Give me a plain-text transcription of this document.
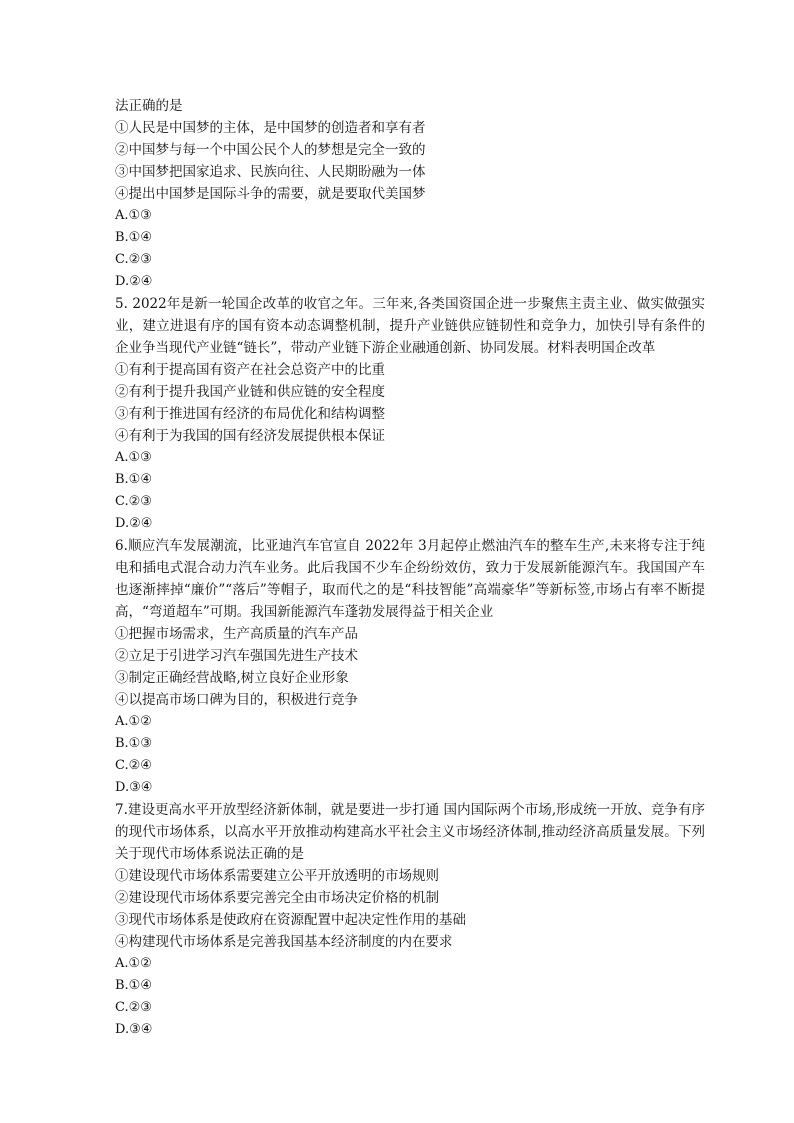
法正确的是
①人民是中国梦的主体，是中国梦的创造者和享有者
②中国梦与每一个中国公民个人的梦想是完全一致的
③中国梦把国家追求、民族向往、人民期盼融为一体
④提出中国梦是国际斗争的需要，就是要取代美国梦
A.①③
B.①④
C.②③
D.②④
5. 2022年是新一轮国企改革的收官之年。三年来,各类国资国企进一步聚焦主责主业、做实做强实业，建立进退有序的国有资本动态调整机制，提升产业链供应链韧性和竞争力，加快引导有条件的企业争当现代产业链“链长”，带动产业链下游企业融通创新、协同发展。材料表明国企改革
①有利于提高国有资产在社会总资产中的比重
②有利于提升我国产业链和供应链的安全程度
③有利于推进国有经济的布局优化和结构调整
④有利于为我国的国有经济发展提供根本保证
A.①③
B.①④
C.②③
D.②④
6.顺应汽车发展潮流，比亚迪汽车官宣自 2022年 3月起停止燃油汽车的整车生产,未来将专注于纯电和插电式混合动力汽车业务。此后我国不少车企纷纷效仿，致力于发展新能源汽车。我国国产车也逐渐摔掉“廉价”“落后”等帽子，取而代之的是“科技智能”高端豪华”等新标签,市场占有率不断提高，“弯道超车”可期。我国新能源汽车蓬勃发展得益于相关企业
①把握市场需求，生产高质量的汽车产品
②立足于引进学习汽车强国先进生产技术
③制定正确经营战略,树立良好企业形象
④以提高市场口碑为目的，积极进行竞争
A.①②
B.①③
C.②④
D.③④
7.建设更高水平开放型经济新体制，就是要进一步打通 国内国际两个市场,形成统一开放、竞争有序的现代市场体系，以高水平开放推动构建高水平社会主义市场经济体制,推动经济高质量发展。下列关于现代市场体系说法正确的是
①建设现代市场体系需要建立公平开放透明的市场规则
②建设现代市场体系要完善完全由市场决定价格的机制
③现代市场体系是使政府在资源配置中起决定性作用的基础
④构建现代市场体系是完善我国基本经济制度的内在要求
A.①②
B.①④
C.②③
D.③④
